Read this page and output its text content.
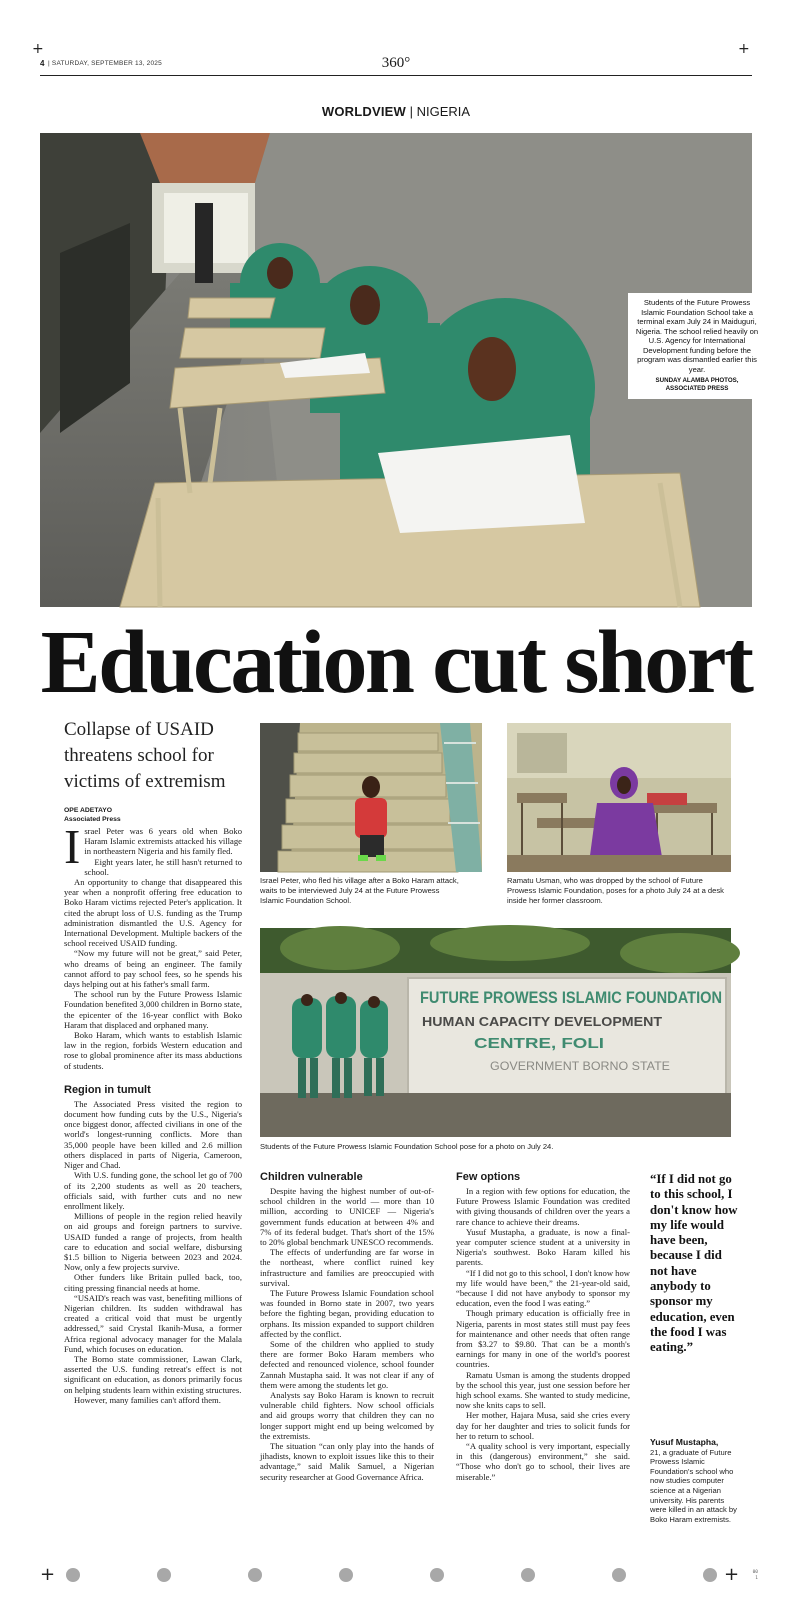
+	+
4 | SATURDAY, SEPTEMBER 13, 2025	360°
WORLDVIEW | NIGERIA
Students of the Future Prowess Islamic Foundation School take a terminal exam July 24 in Maiduguri, Nigeria. The school relied heavily on U.S. Agency for International Development funding before the program was dismantled earlier this year.
SUNDAY ALAMBA PHOTOS,
ASSOCIATED PRESS
Education cut short
Collapse of USAID threatens school for victims of extremism
OPE ADETAYO
Associated Press

Israel Peter was 6 years old when Boko Haram Islamic extremists attacked his village in northeastern Nigeria and his family fled.

Eight years later, he still hasn't returned to school.

An opportunity to change that disappeared this year when a nonprofit offering free education to Boko Haram victims rejected Peter's application. It cited the abrupt loss of U.S. funding as the Trump administration dismantled the U.S. Agency for International Development. Multiple backers of the school received USAID funding.

“Now my future will not be great,” said Peter, who dreams of being an engineer. The family cannot afford to pay school fees, so he spends his days helping out at his father's small farm.

The school run by the Future Prowess Islamic Foundation benefited 3,000 children in Borno state, the epicenter of the 16-year conflict with Boko Haram that displaced and orphaned many.

Boko Haram, which wants to establish Islamic law in the region, forbids Western education and rose to global prominence after its mass abductions of students.

Region in tumult

The Associated Press visited the region to document how funding cuts by the U.S., Nigeria's once biggest donor, affected civilians in one of the world's longest-running conflicts. More than 35,000 people have been killed and 2.6 million others displaced in parts of Nigeria, Cameroon, Niger and Chad.

With U.S. funding gone, the school let go of 700 of its 2,200 students as well as 20 teachers, officials said, with further cuts and no new enrollment likely.

Millions of people in the region relied heavily on aid groups and foreign partners to survive. USAID funded a range of projects, from health care to education and social welfare, disbursing $1.5 billion to Nigeria between 2023 and 2024. Now, only a few projects survive.

Other funders like Britain pulled back, too, citing pressing financial needs at home.

“USAID's reach was vast, benefiting millions of Nigerian children. Its sudden withdrawal has created a critical void that must be urgently addressed,” said Crystal Ikanih-Musa, a former Africa regional advocacy manager for the Malala Fund, which focuses on education.

The Borno state commissioner, Lawan Clark, asserted the U.S. funding retreat's effect is not significant on education, as donors primarily focus on helping students learn within existing structures.

However, many families can't afford them.

Israel Peter, who fled his village after a Boko Haram attack, waits to be interviewed July 24 at the Future Prowess Islamic Foundation School.
Ramatu Usman, who was dropped by the school of Future Prowess Islamic Foundation, poses for a photo July 24 at a desk inside her former classroom.
FUTURE PROWESS ISLAMIC FOUNDATION
HUMAN CAPACITY DEVELOPMENT
CENTRE, FOLI
GOVERNMENT BORNO STATE
Students of the Future Prowess Islamic Foundation School pose for a photo on July 24.
Children vulnerable

Despite having the highest number of out-of-school children in the world — more than 10 million, according to UNICEF — Nigeria's government funds education at between 4% and 7% of its federal budget. That's short of the 15% to 20% global benchmark UNESCO recommends.

The effects of underfunding are far worse in the northeast, where conflict ruined key infrastructure and families are preoccupied with survival.

The Future Prowess Islamic Foundation school was founded in Borno state in 2007, two years before the fighting began, providing education to orphans. Its mission expanded to support children affected by the conflict.

Some of the children who applied to study there are former Boko Haram members who defected and renounced violence, school founder Zannah Mustapha said. It was not clear if any of them were among the students let go.

Analysts say Boko Haram is known to recruit vulnerable child fighters. Now school officials and aid groups worry that children they can no longer support might end up being welcomed by the extremists.

The situation “can only play into the hands of jihadists, known to exploit issues like this to their advantage,” said Malik Samuel, a Nigerian security researcher at Good Governance Africa.

Few options

In a region with few options for education, the Future Prowess Islamic Foundation was credited with giving thousands of children over the years a rare chance to achieve their dreams.

Yusuf Mustapha, a graduate, is now a final-year computer science student at a university in Nigeria's southwest. Boko Haram killed his parents.

“If I did not go to this school, I don't know how my life would have been,” the 21-year-old said, “because I did not have anybody to sponsor my education, even the food I was eating.”

Though primary education is officially free in Nigeria, parents in most states still must pay fees for maintenance and other needs that often range from $3.27 to $9.80. That can be a month's earnings for many in one of the world's poorest countries.

Ramatu Usman is among the students dropped by the school this year, just one session before her high school exams. She wanted to study medicine, now she knits caps to sell.

Her mother, Hajara Musa, said she cries every day for her daughter and tries to solicit funds for her to return to school.

“A quality school is very important, especially in this (dangerous) environment,” she said. “Those who don't go to school, their lives are miserable.”

“If I did not go to this school, I don't know how my life would have been, because I did not have anybody to sponsor my education, even the food I was eating.”
Yusuf Mustapha,
21, a graduate of Future Prowess Islamic Foundation's school who now studies computer science at a Nigerian university. His parents were killed in an attack by Boko Haram extremists.
+	+	00
1
